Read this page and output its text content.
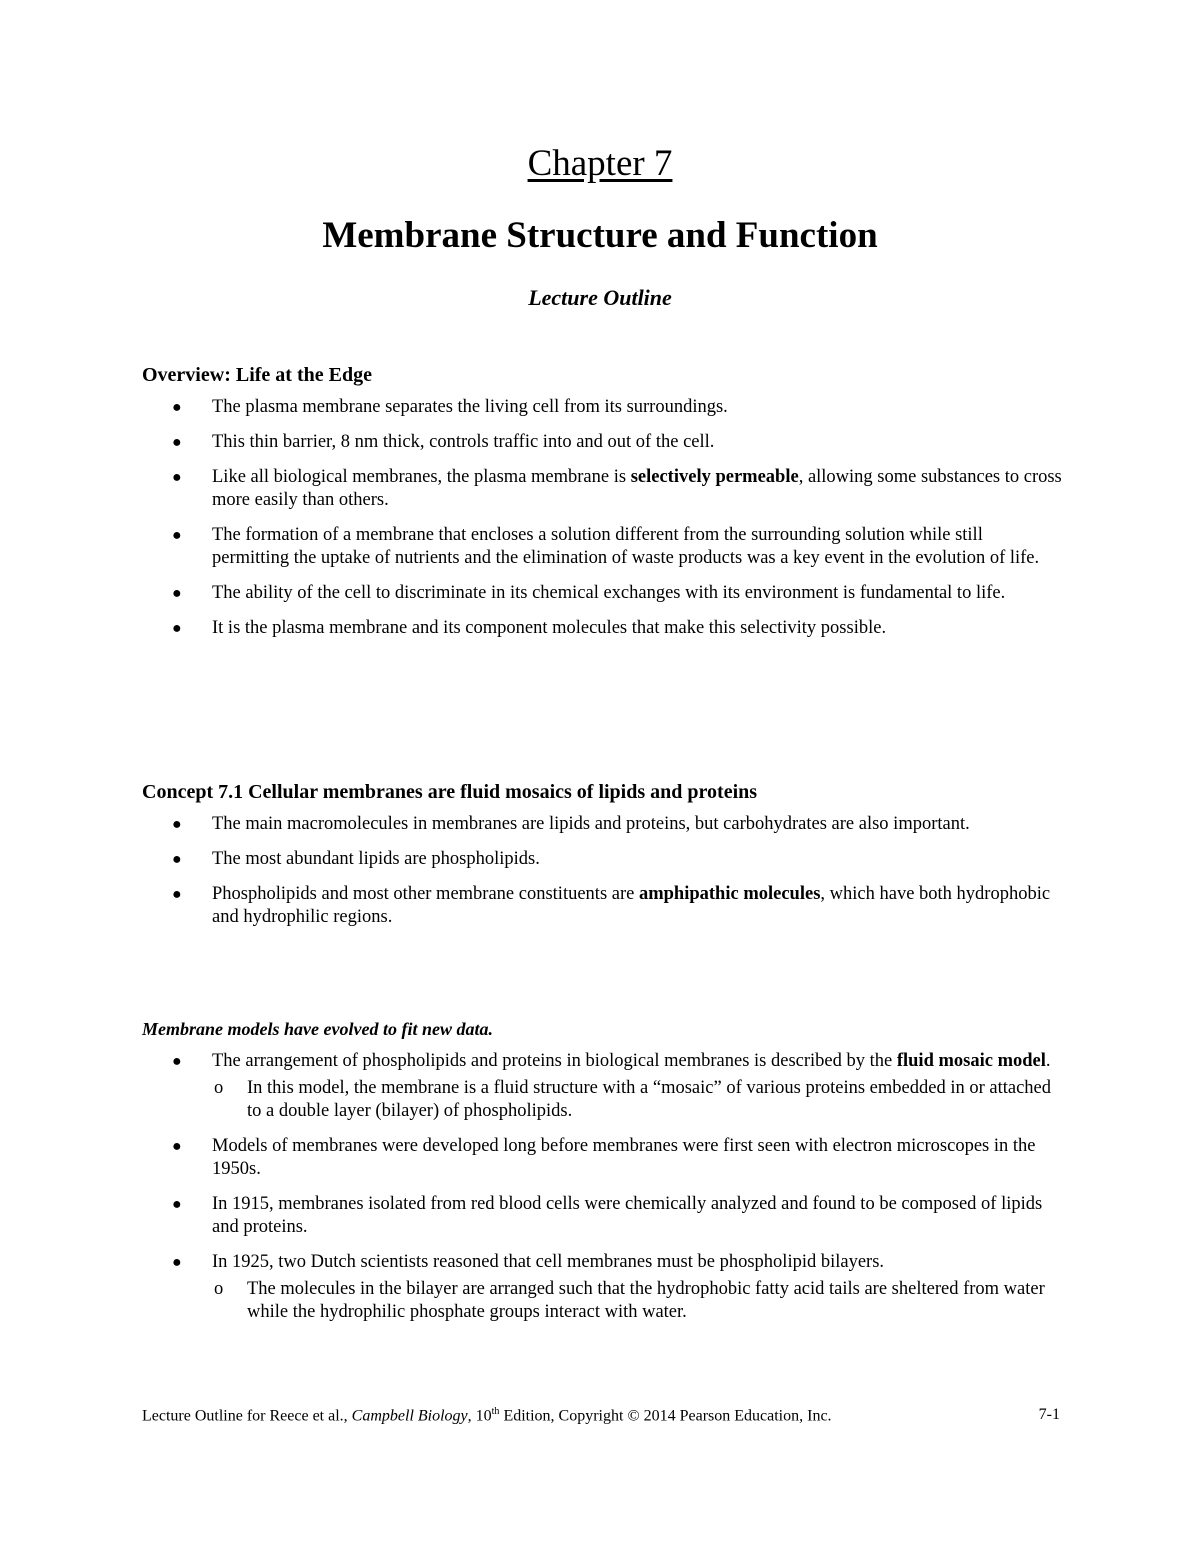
Chapter 7
Membrane Structure and Function
Lecture Outline
Overview: Life at the Edge
● The plasma membrane separates the living cell from its surroundings.
● This thin barrier, 8 nm thick, controls traffic into and out of the cell.
● Like all biological membranes, the plasma membrane is selectively permeable, allowing some substances to cross more easily than others.
● The formation of a membrane that encloses a solution different from the surrounding solution while still permitting the uptake of nutrients and the elimination of waste products was a key event in the evolution of life.
● The ability of the cell to discriminate in its chemical exchanges with its environment is fundamental to life.
● It is the plasma membrane and its component molecules that make this selectivity possible.
Concept 7.1 Cellular membranes are fluid mosaics of lipids and proteins
● The main macromolecules in membranes are lipids and proteins, but carbohydrates are also important.
● The most abundant lipids are phospholipids.
● Phospholipids and most other membrane constituents are amphipathic molecules, which have both hydrophobic and hydrophilic regions.
Membrane models have evolved to fit new data.
● The arrangement of phospholipids and proteins in biological membranes is described by the fluid mosaic model.
o In this model, the membrane is a fluid structure with a “mosaic” of various proteins embedded in or attached to a double layer (bilayer) of phospholipids.
● Models of membranes were developed long before membranes were first seen with electron microscopes in the 1950s.
● In 1915, membranes isolated from red blood cells were chemically analyzed and found to be composed of lipids and proteins.
● In 1925, two Dutch scientists reasoned that cell membranes must be phospholipid bilayers.
o The molecules in the bilayer are arranged such that the hydrophobic fatty acid tails are sheltered from water while the hydrophilic phosphate groups interact with water.
Lecture Outline for Reece et al., Campbell Biology, 10th Edition, Copyright © 2014 Pearson Education, Inc.	7-1
